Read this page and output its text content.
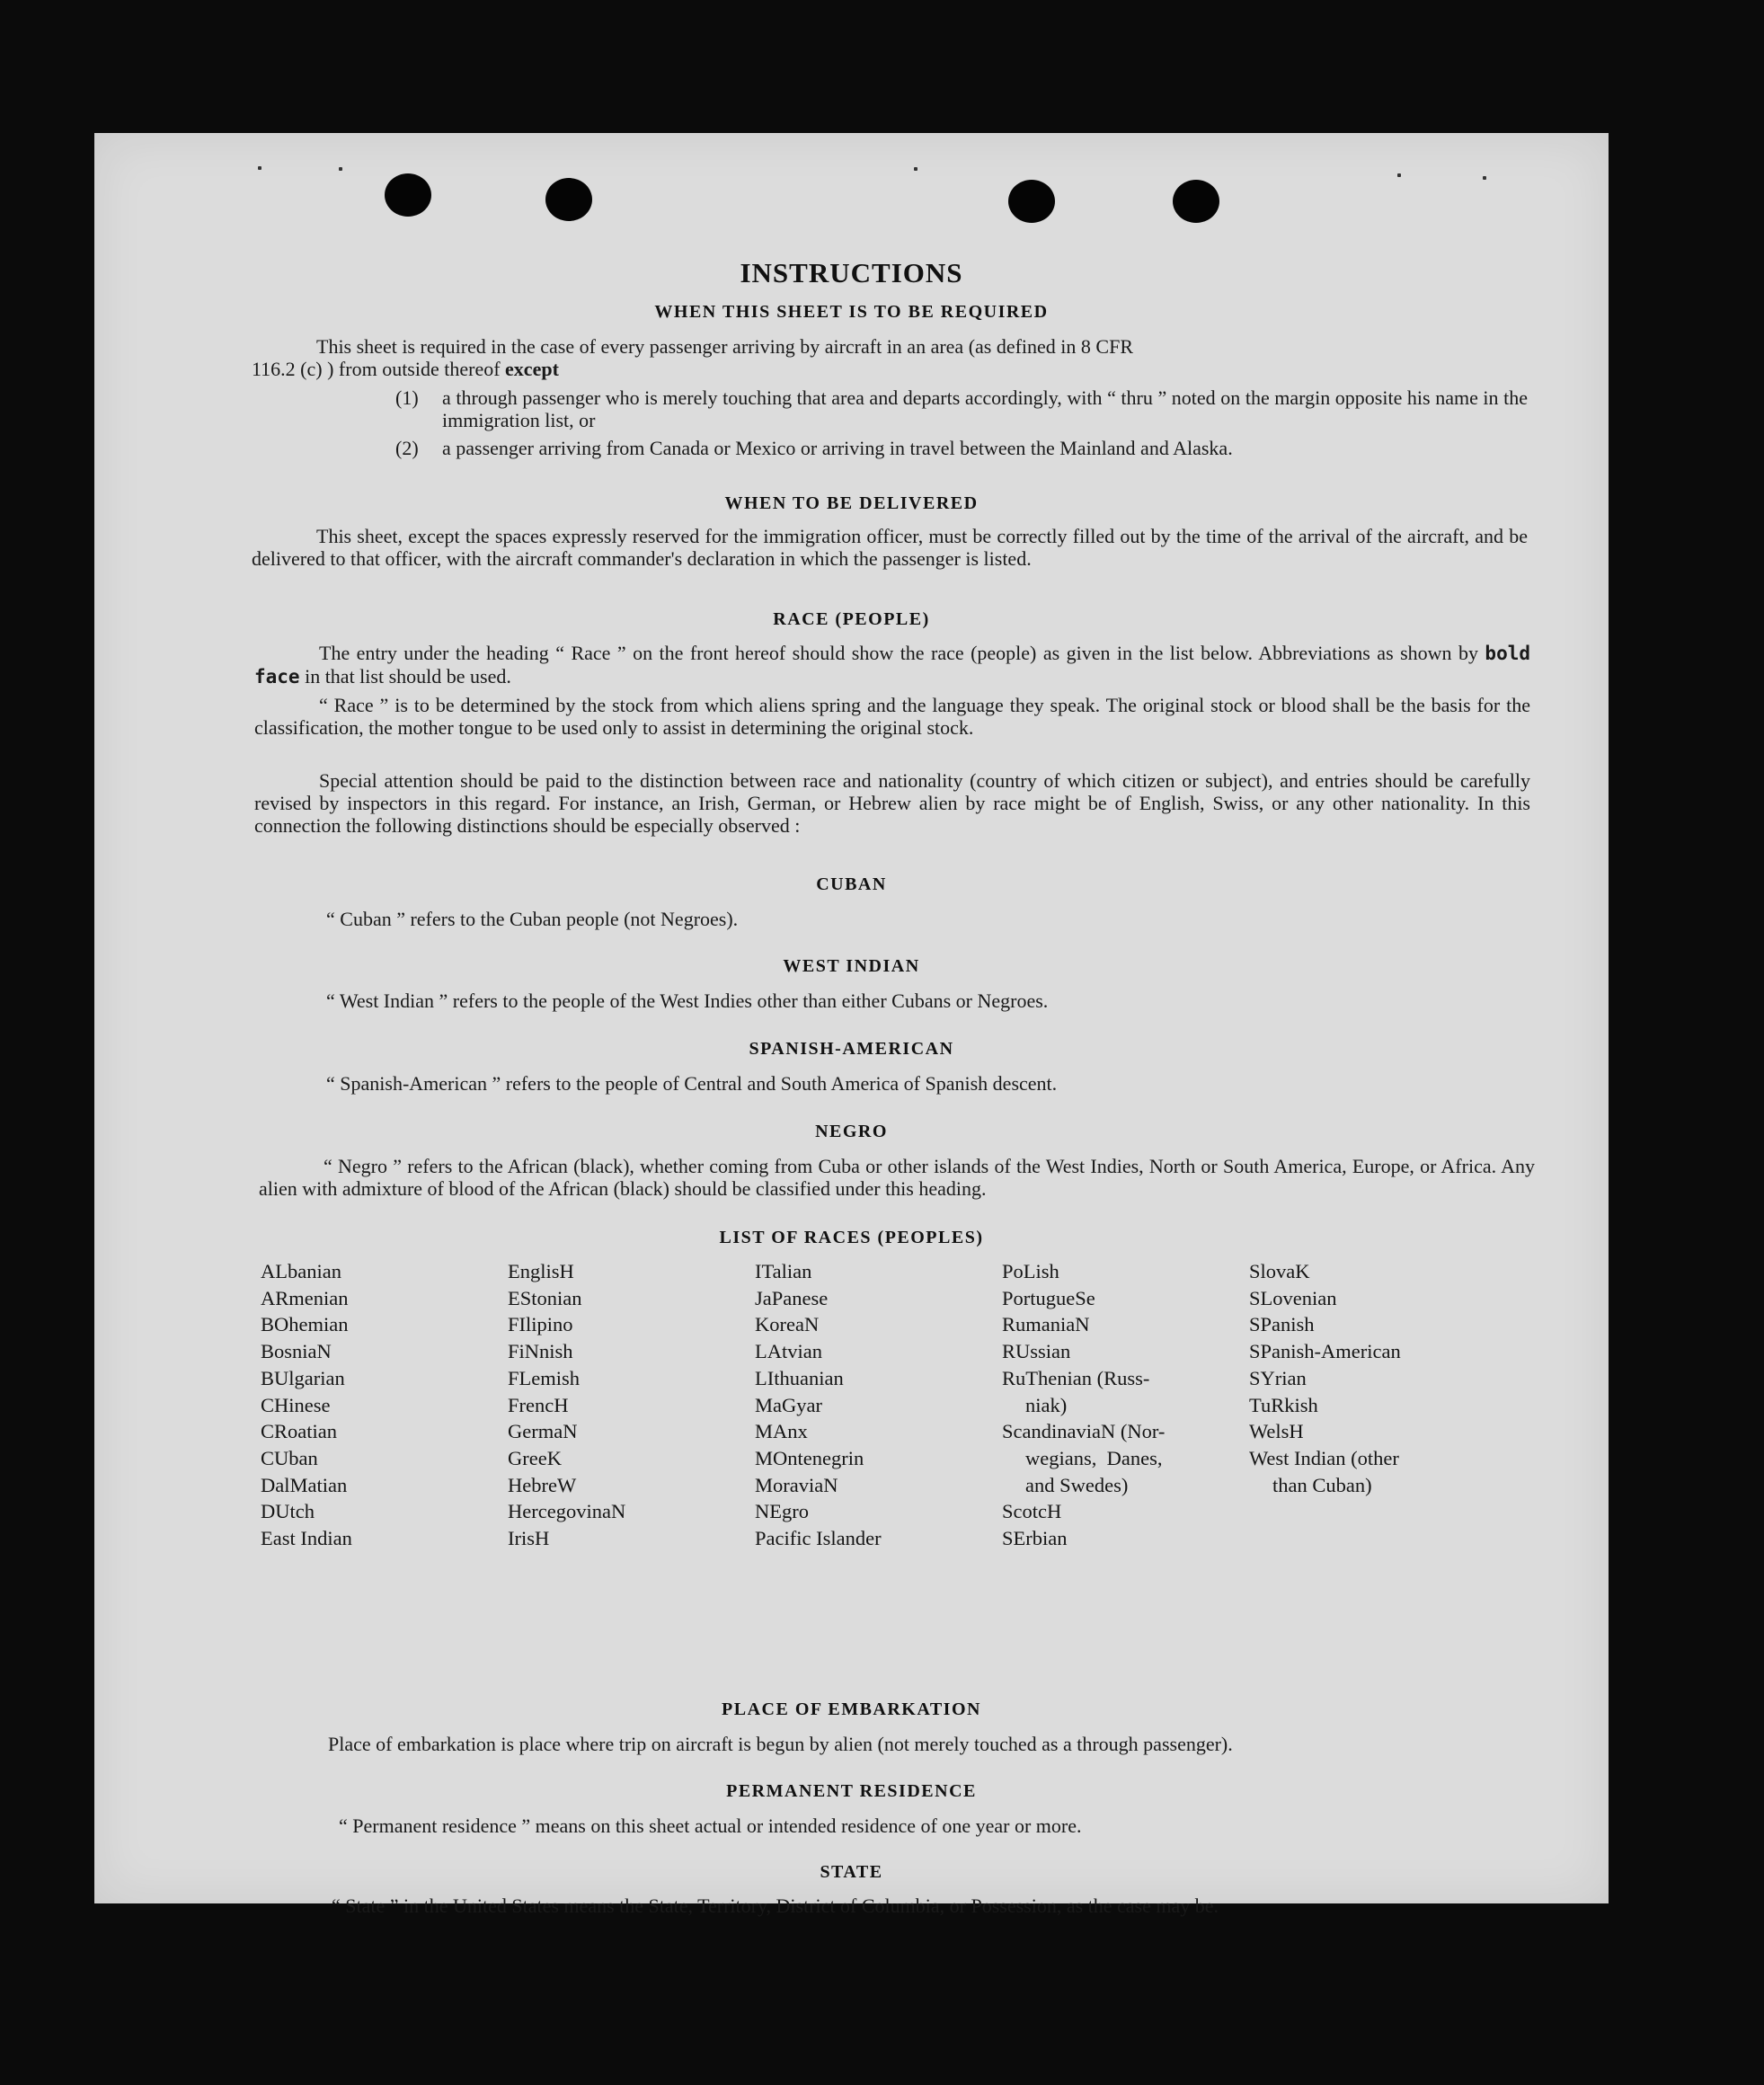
INSTRUCTIONS
WHEN THIS SHEET IS TO BE REQUIRED

This sheet is required in the case of every passenger arriving by aircraft in an area (as defined in 8 CFR

116.2 (c) ) from outside thereof except

(1) a through passenger who is merely touching that area and departs accordingly, with “ thru ” noted on the margin opposite his name in the immigration list, or
(2) a passenger arriving from Canada or Mexico or arriving in travel between the Mainland and Alaska.
WHEN TO BE DELIVERED

This sheet, except the spaces expressly reserved for the immigration officer, must be correctly filled out by the time of the arrival of the aircraft, and be delivered to that officer, with the aircraft commander's declaration in which the passenger is listed.

RACE (PEOPLE)

The entry under the heading “ Race ” on the front hereof should show the race (people) as given in the list below. Abbreviations as shown by bold face in that list should be used.

“ Race ” is to be determined by the stock from which aliens spring and the language they speak. The original stock or blood shall be the basis for the classification, the mother tongue to be used only to assist in determining the original stock.

Special attention should be paid to the distinction between race and nationality (country of which citizen or subject), and entries should be carefully revised by inspectors in this regard. For instance, an Irish, German, or Hebrew alien by race might be of English, Swiss, or any other nationality. In this connection the following distinctions should be especially observed :

CUBAN

“ Cuban ” refers to the Cuban people (not Negroes).

WEST INDIAN

“ West Indian ” refers to the people of the West Indies other than either Cubans or Negroes.

SPANISH-AMERICAN

“ Spanish-American ” refers to the people of Central and South America of Spanish descent.

NEGRO

“ Negro ” refers to the African (black), whether coming from Cuba or other islands of the West Indies, North or South America, Europe, or Africa. Any alien with admixture of blood of the African (black) should be classified under this heading.

LIST OF RACES (PEOPLES)
ALbanian
ARmenian
BOhemian
BosniaN
BUlgarian
CHinese
CRoatian
CUban
DalMatian
DUtch
East Indian
EnglisH
EStonian
FIlipino
FiNnish
FLemish
FrencH
GermaN
GreeK
HebreW
HercegovinaN
IrisH
ITalian
JaPanese
KoreaN
LAtvian
LIthuanian
MaGyar
MAnx
MOntenegrin
MoraviaN
NEgro
Pacific Islander
PoLish
PortugueSe
RumaniaN
RUssian
RuThenian (Russ-
niak)
ScandinaviaN (Nor-
wegians,  Danes,
and Swedes)
ScotcH
SErbian
SlovaK
SLovenian
SPanish
SPanish-American
SYrian
TuRkish
WelsH
West Indian (other
than Cuban)
PLACE OF EMBARKATION

Place of embarkation is place where trip on aircraft is begun by alien (not merely touched as a through passenger).

PERMANENT RESIDENCE

“ Permanent residence ” means on this sheet actual or intended residence of one year or more.

STATE

“ State ” in the United States means the State, Territory, District of Columbia, or Possession, as the case may be.
